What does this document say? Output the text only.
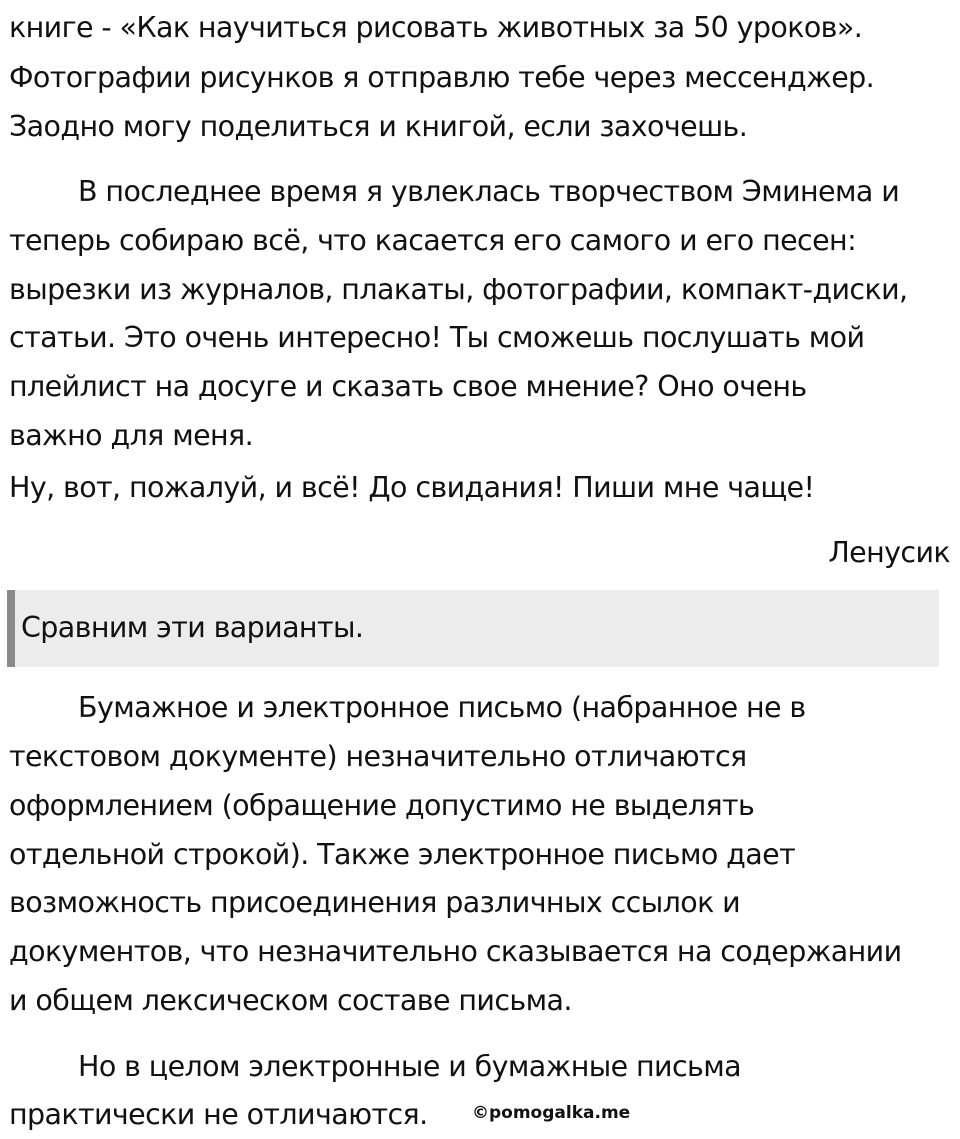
книге - «Как научиться рисовать животных за 50 уроков».
Фотографии рисунков я отправлю тебе через мессенджер.
Заодно могу поделиться и книгой, если захочешь.
В последнее время я увлеклась творчеством Эминема и
теперь собираю всё, что касается его самого и его песен:
вырезки из журналов, плакаты, фотографии, компакт-диски,
статьи. Это очень интересно! Ты сможешь послушать мой
плейлист на досуге и сказать свое мнение? Оно очень
важно для меня.
Ну, вот, пожалуй, и всё! До свидания! Пиши мне чаще!
Ленусик
Сравним эти варианты.
Бумажное и электронное письмо (набранное не в
текстовом документе) незначительно отличаются
оформлением (обращение допустимо не выделять
отдельной строкой). Также электронное письмо дает
возможность присоединения различных ссылок и
документов, что незначительно сказывается на содержании
и общем лексическом составе письма.
Но в целом электронные и бумажные письма
практически не отличаются.	©pomogalka.me
